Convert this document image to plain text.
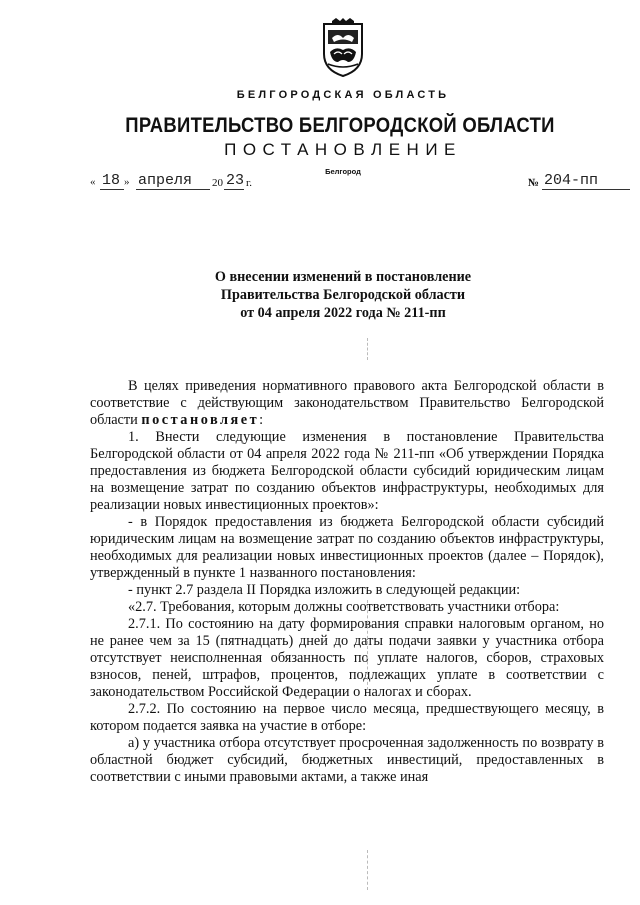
БЕЛГОРОДСКАЯ ОБЛАСТЬ
ПРАВИТЕЛЬСТВО БЕЛГОРОДСКОЙ ОБЛАСТИ
ПОСТАНОВЛЕНИЕ
Белгород
« 18 » апреля 20 23 г.	№ 204-пп
О внесении изменений в постановление
Правительства Белгородской области
от 04 апреля 2022 года № 211-пп

В целях приведения нормативного правового акта Белгородской области в соответствие с действующим законодательством Правительство Белгородской области постановляет:

1. Внести следующие изменения в постановление Правительства Белгородской области от 04 апреля 2022 года № 211-пп «Об утверждении Порядка предоставления из бюджета Белгородской области субсидий юридическим лицам на возмещение затрат по созданию объектов инфраструктуры, необходимых для реализации новых инвестиционных проектов»:

- в Порядок предоставления из бюджета Белгородской области субсидий юридическим лицам на возмещение затрат по созданию объектов инфраструктуры, необходимых для реализации новых инвестиционных проектов (далее – Порядок), утвержденный в пункте 1 названного постановления:

- пункт 2.7 раздела II Порядка изложить в следующей редакции:

«2.7. Требования, которым должны соответствовать участники отбора:

2.7.1. По состоянию на дату формирования справки налоговым органом, но не ранее чем за 15 (пятнадцать) дней до даты подачи заявки у участника отбора отсутствует неисполненная обязанность по уплате налогов, сборов, страховых взносов, пеней, штрафов, процентов, подлежащих уплате в соответствии с законодательством Российской Федерации о налогах и сборах.

2.7.2. По состоянию на первое число месяца, предшествующего месяцу, в котором подается заявка на участие в отборе:

а) у участника отбора отсутствует просроченная задолженность по возврату в областной бюджет субсидий, бюджетных инвестиций, предоставленных в соответствии с иными правовыми актами, а также иная
